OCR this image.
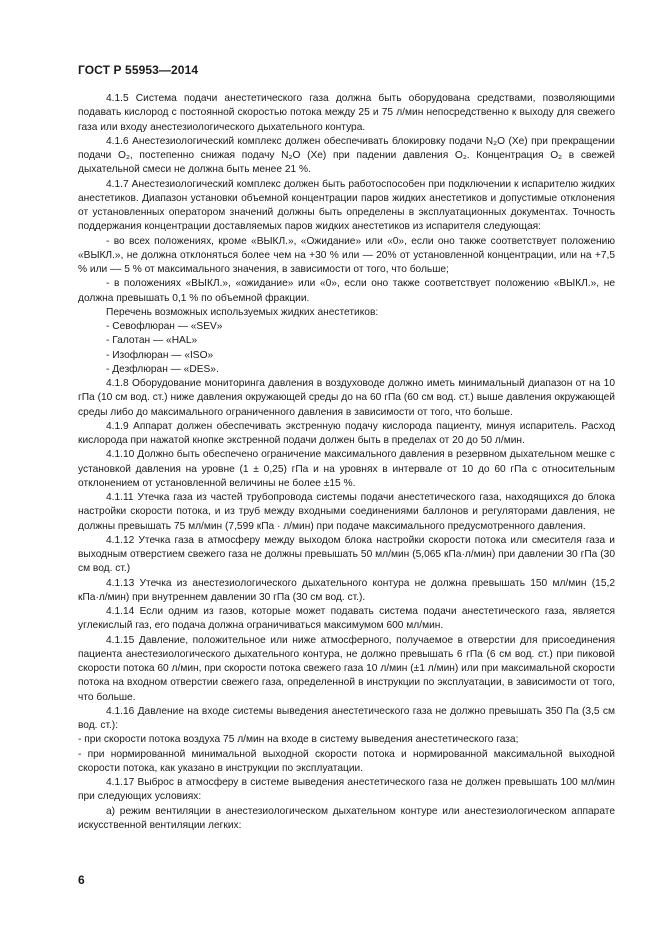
ГОСТ Р 55953—2014

4.1.5 Система подачи анестетического газа должна быть оборудована средствами, позволяющими подавать кислород с постоянной скоростью потока между 25 и 75 л/мин непосредственно к выходу для свежего газа или входу анестезиологического дыхательного контура.

4.1.6 Анестезиологический комплекс должен обеспечивать блокировку подачи N₂O (Хе) при прекращении подачи O₂, постепенно снижая подачу N₂O (Хе) при падении давления O₂. Концентрация O₂ в свежей дыхательной смеси не должна быть менее 21 %.

4.1.7 Анестезиологический комплекс должен быть работоспособен при подключении к испарителю жидких анестетиков. Диапазон установки объемной концентрации паров жидких анестетиков и допустимые отклонения от установленных оператором значений должны быть определены в эксплуатационных документах. Точность поддержания концентрации доставляемых паров жидких анестетиков из испарителя следующая:

- во всех положениях, кроме «ВЫКЛ.», «Ожидание» или «0», если оно также соответствует положению «ВЫКЛ.», не должна отклоняться более чем на +30 % или — 20% от установленной концентрации, или на +7,5 % или –– 5 % от максимального значения, в зависимости от того, что больше;

- в положениях «ВЫКЛ.», «ожидание» или «0», если оно также соответствует положению «ВЫКЛ.», не должна превышать 0,1 % по объемной фракции.

Перечень возможных используемых жидких анестетиков:

- Севофлюран — «SEV»

- Галотан — «HAL»

- Изофлюран — «ISO»

- Дезфлюран — «DES».

4.1.8 Оборудование мониторинга давления в воздуховоде должно иметь минимальный диапазон от на 10 гПа (10 см вод. ст.) ниже давления окружающей среды до на 60 гПа (60 см вод. ст.) выше давления окружающей среды либо до максимального ограниченного давления в зависимости от того, что больше.

4.1.9 Аппарат должен обеспечивать экстренную подачу кислорода пациенту, минуя испаритель. Расход кислорода при нажатой кнопке экстренной подачи должен быть в пределах от 20 до 50 л/мин.

4.1.10 Должно быть обеспечено ограничение максимального давления в резервном дыхательном мешке с установкой давления на уровне (1 ± 0,25) гПа и на уровнях в интервале от 10 до 60 гПа с относительным отклонением от установленной величины не более ±15 %.

4.1.11 Утечка газа из частей трубопровода системы подачи анестетического газа, находящихся до блока настройки скорости потока, и из труб между входными соединениями баллонов и регуляторами давления, не должны превышать 75 мл/мин (7,599 кПа · л/мин) при подаче максимального предусмотренного давления.

4.1.12 Утечка газа в атмосферу между выходом блока настройки скорости потока или смесителя газа и выходным отверстием свежего газа не должны превышать 50 мл/мин (5,065 кПа·л/мин) при давлении 30 гПа (30 см вод. ст.)

4.1.13 Утечка из анестезиологического дыхательного контура не должна превышать 150 мл/мин (15,2 кПа·л/мин) при внутреннем давлении 30 гПа (30 см вод. ст.).

4.1.14 Если одним из газов, которые может подавать система подачи анестетического газа, является углекислый газ, его подача должна ограничиваться максимумом 600 мл/мин.

4.1.15 Давление, положительное или ниже атмосферного, получаемое в отверстии для присоединения пациента анестезиологического дыхательного контура, не должно превышать 6 гПа (6 см вод. ст.) при пиковой скорости потока 60 л/мин, при скорости потока свежего газа 10 л/мин (±1 л/мин) или при максимальной скорости потока на входном отверстии свежего газа, определенной в инструкции по эксплуатации, в зависимости от того, что больше.

4.1.16 Давление на входе системы выведения анестетического газа не должно превышать 350 Па (3,5 см вод. ст.):

- при скорости потока воздуха 75 л/мин на входе в систему выведения анестетического газа;

- при нормированной минимальной выходной скорости потока и нормированной максимальной выходной скорости потока, как указано в инструкции по эксплуатации.

4.1.17 Выброс в атмосферу в системе выведения анестетического газа не должен превышать 100 мл/мин при следующих условиях:

а) режим вентиляции в анестезиологическом дыхательном контуре или анестезиологическом аппарате искусственной вентиляции легких:

6
